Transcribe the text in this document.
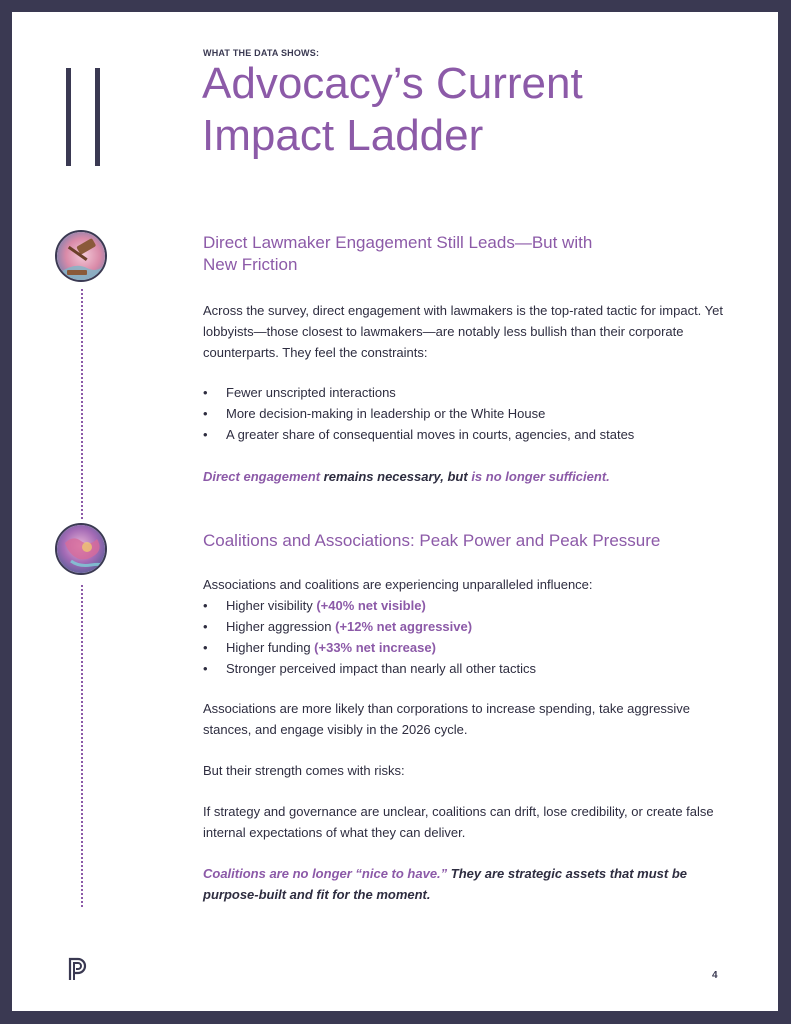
WHAT THE DATA SHOWS:
Advocacy’s Current
Impact Ladder
Direct Lawmaker Engagement Still Leads—But with
New Friction

Across the survey, direct engagement with lawmakers is the top-rated tactic for impact. Yet lobbyists—those closest to lawmakers—are notably less bullish than their corporate counterparts. They feel the constraints:

• Fewer unscripted interactions
• More decision-making in leadership or the White House
• A greater share of consequential moves in courts, agencies, and states
Direct engagement remains necessary, but is no longer sufficient.
Coalitions and Associations: Peak Power and Peak Pressure

Associations and coalitions are experiencing unparalleled influence:

• Higher visibility (+40% net visible)
• Higher aggression (+12% net aggressive)
• Higher funding (+33% net increase)
• Stronger perceived impact than nearly all other tactics
Associations are more likely than corporations to increase spending, take aggressive stances, and engage visibly in the 2026 cycle.
But their strength comes with risks:
If strategy and governance are unclear, coalitions can drift, lose credibility, or create false internal expectations of what they can deliver.
Coalitions are no longer “nice to have.” They are strategic assets that must be purpose-built and fit for the moment.
4
